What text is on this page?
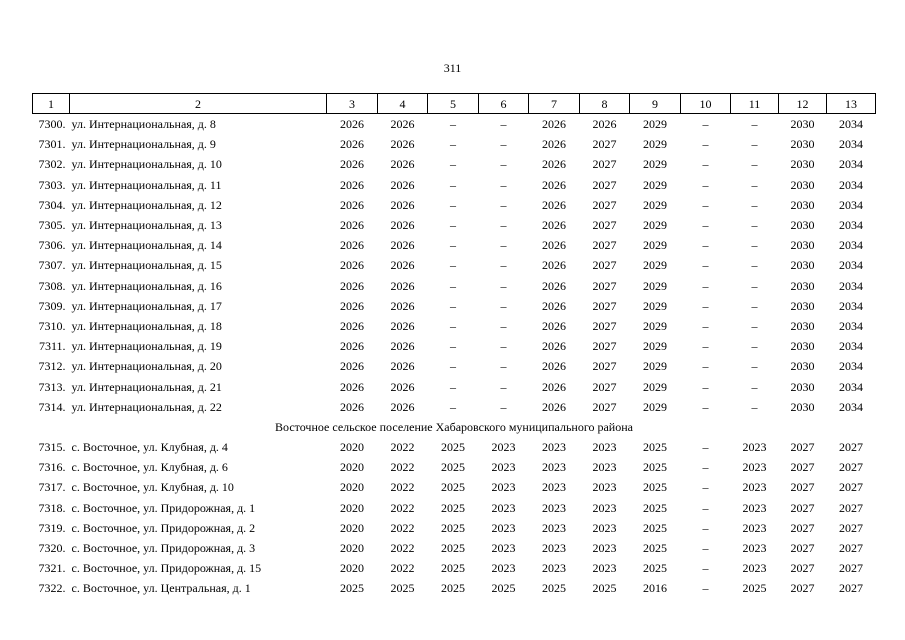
311
1	2	3	4	5	6	7	8	9	10	11	12	13
7300.	ул. Интернациональная, д. 8	2026	2026	–	–	2026	2026	2029	–	–	2030	2034
7301.	ул. Интернациональная, д. 9	2026	2026	–	–	2026	2027	2029	–	–	2030	2034
7302.	ул. Интернациональная, д. 10	2026	2026	–	–	2026	2027	2029	–	–	2030	2034
7303.	ул. Интернациональная, д. 11	2026	2026	–	–	2026	2027	2029	–	–	2030	2034
7304.	ул. Интернациональная, д. 12	2026	2026	–	–	2026	2027	2029	–	–	2030	2034
7305.	ул. Интернациональная, д. 13	2026	2026	–	–	2026	2027	2029	–	–	2030	2034
7306.	ул. Интернациональная, д. 14	2026	2026	–	–	2026	2027	2029	–	–	2030	2034
7307.	ул. Интернациональная, д. 15	2026	2026	–	–	2026	2027	2029	–	–	2030	2034
7308.	ул. Интернациональная, д. 16	2026	2026	–	–	2026	2027	2029	–	–	2030	2034
7309.	ул. Интернациональная, д. 17	2026	2026	–	–	2026	2027	2029	–	–	2030	2034
7310.	ул. Интернациональная, д. 18	2026	2026	–	–	2026	2027	2029	–	–	2030	2034
7311.	ул. Интернациональная, д. 19	2026	2026	–	–	2026	2027	2029	–	–	2030	2034
7312.	ул. Интернациональная, д. 20	2026	2026	–	–	2026	2027	2029	–	–	2030	2034
7313.	ул. Интернациональная, д. 21	2026	2026	–	–	2026	2027	2029	–	–	2030	2034
7314.	ул. Интернациональная, д. 22	2026	2026	–	–	2026	2027	2029	–	–	2030	2034
Восточное сельское поселение Хабаровского муниципального района												
7315.	с. Восточное, ул. Клубная, д. 4	2020	2022	2025	2023	2023	2023	2025	–	2023	2027	2027
7316.	с. Восточное, ул. Клубная, д. 6	2020	2022	2025	2023	2023	2023	2025	–	2023	2027	2027
7317.	с. Восточное, ул. Клубная, д. 10	2020	2022	2025	2023	2023	2023	2025	–	2023	2027	2027
7318.	с. Восточное, ул. Придорожная, д. 1	2020	2022	2025	2023	2023	2023	2025	–	2023	2027	2027
7319.	с. Восточное, ул. Придорожная, д. 2	2020	2022	2025	2023	2023	2023	2025	–	2023	2027	2027
7320.	с. Восточное, ул. Придорожная, д. 3	2020	2022	2025	2023	2023	2023	2025	–	2023	2027	2027
7321.	с. Восточное, ул. Придорожная, д. 15	2020	2022	2025	2023	2023	2023	2025	–	2023	2027	2027
7322.	с. Восточное, ул. Центральная, д. 1	2025	2025	2025	2025	2025	2025	2016	–	2025	2027	2027
